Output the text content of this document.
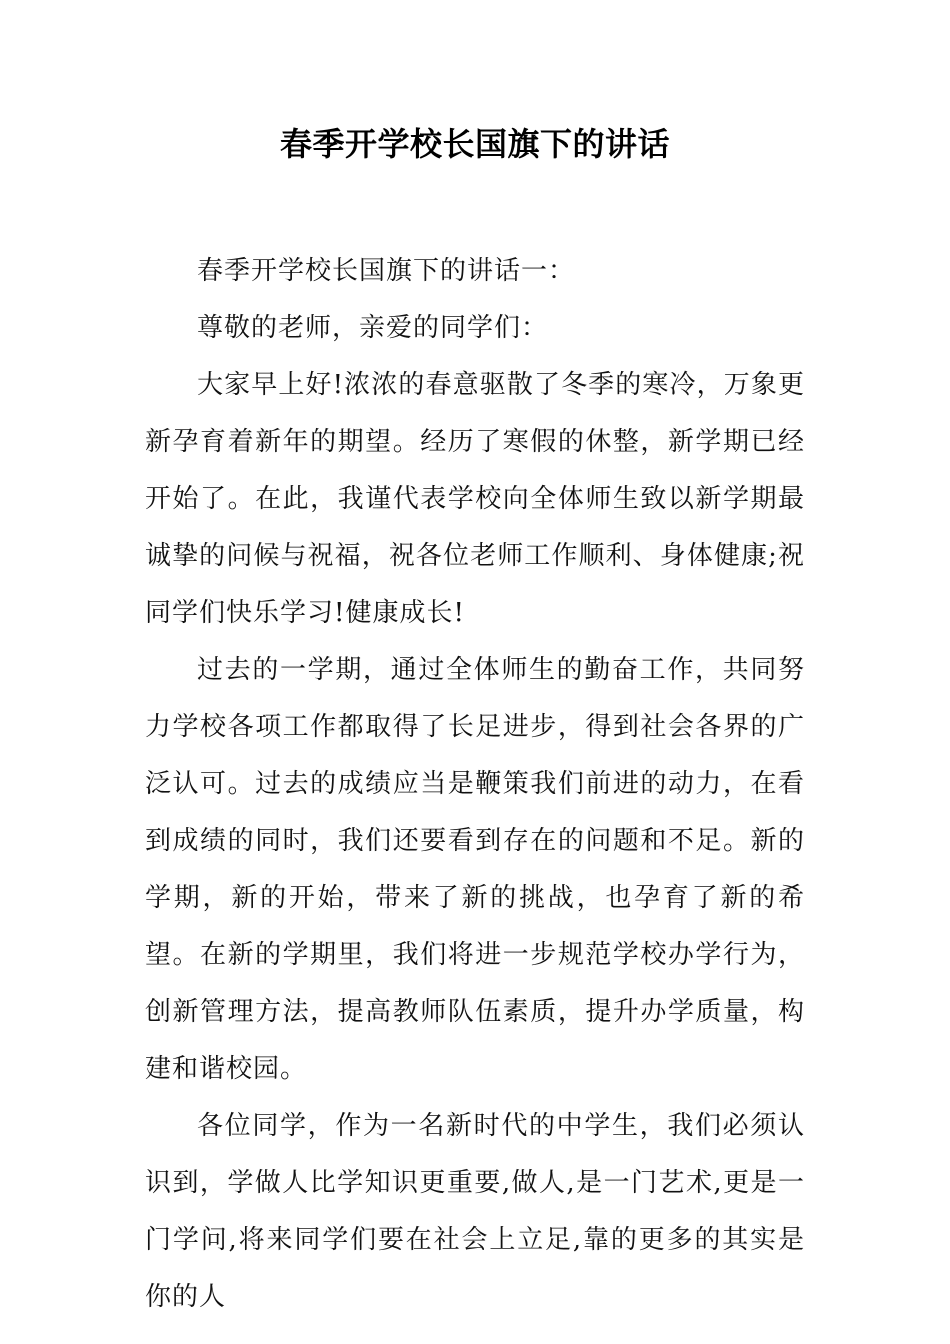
春季开学校长国旗下的讲话

春季开学校长国旗下的讲话一：

尊敬的老师，亲爱的同学们：

大家早上好!浓浓的春意驱散了冬季的寒冷，万象更新孕育着新年的期望。经历了寒假的休整，新学期已经开始了。在此，我谨代表学校向全体师生致以新学期最诚挚的问候与祝福，祝各位老师工作顺利、身体健康;祝同学们快乐学习!健康成长!

过去的一学期，通过全体师生的勤奋工作，共同努力学校各项工作都取得了长足进步，得到社会各界的广泛认可。过去的成绩应当是鞭策我们前进的动力，在看到成绩的同时，我们还要看到存在的问题和不足。新的学期，新的开始，带来了新的挑战，也孕育了新的希望。在新的学期里，我们将进一步规范学校办学行为，创新管理方法，提高教师队伍素质，提升办学质量，构建和谐校园。

各位同学，作为一名新时代的中学生，我们必须认识到，学做人比学知识更重要,做人,是一门艺术,更是一门学问,将来同学们要在社会上立足,靠的更多的其实是你的人
